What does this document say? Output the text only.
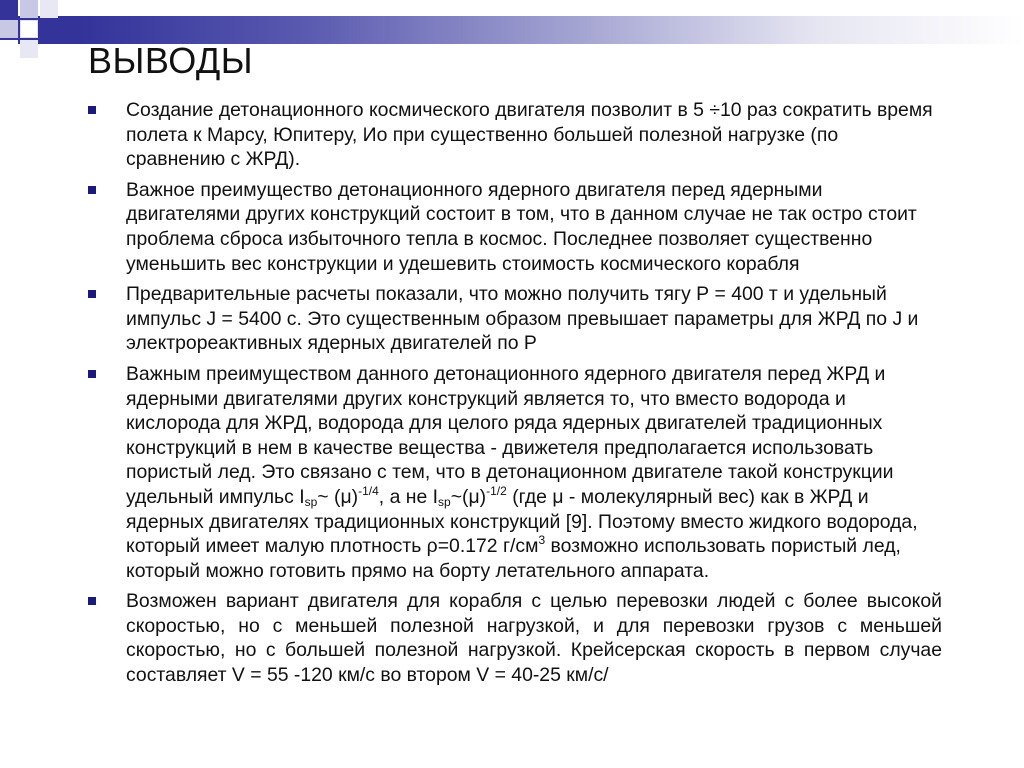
ВЫВОДЫ

Создание детонационного космического двигателя позволит в 5 ÷10 раз сократить время полета к Марсу, Юпитеру, Ио при существенно большей полезной нагрузке (по сравнению с ЖРД).

Важное преимущество детонационного ядерного двигателя перед ядерными двигателями других конструкций состоит в том, что в данном случае не так остро стоит проблема сброса избыточного тепла в космос. Последнее позволяет существенно уменьшить вес конструкции и удешевить стоимость космического корабля

Предварительные расчеты показали, что можно получить тягу Р = 400 т и удельный импульс J = 5400 с. Это существенным образом превышает параметры для ЖРД по J и электрореактивных ядерных двигателей по Р

Важным преимуществом данного детонационного ядерного двигателя перед ЖРД и ядерными двигателями других конструкций является то, что вместо водорода и кислорода для ЖРД, водорода для целого ряда ядерных двигателей традиционных конструкций в нем в качестве вещества - движетеля предполагается использовать пористый лед. Это связано с тем, что в детонационном двигателе такой конструкции удельный импульс $I_{sp}\sim$ $(\mu)^{-1/4}$, а не $I_{sp}\sim(\mu)^{-1/2}$ (где μ - молекулярный вес) как в ЖРД и ядерных двигателях традиционных конструкций [9]. Поэтому вместо жидкого водорода, который имеет малую плотность ρ=0.172 $г/см^3$ возможно использовать пористый лед, который можно готовить прямо на борту летательного аппарата.

Возможен вариант двигателя для корабля с целью перевозки людей с более высокой скоростью, но с меньшей полезной нагрузкой, и для перевозки грузов с меньшей скоростью, но с большей полезной нагрузкой. Крейсерская скорость в первом случае составляет V = 55 -120 км/с во втором V = 40-25 км/с/
